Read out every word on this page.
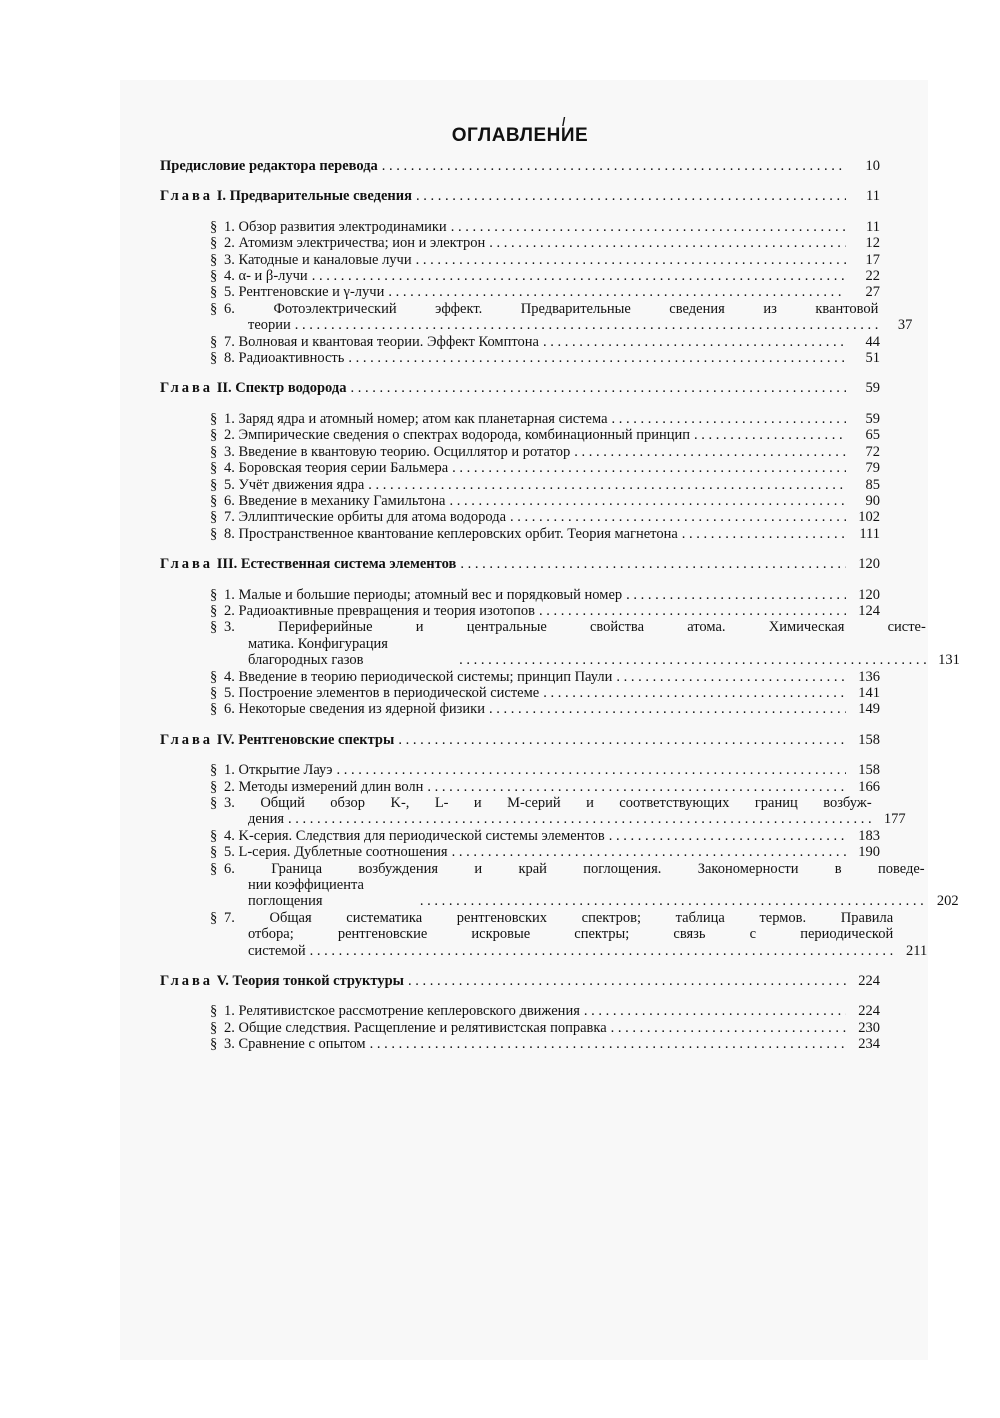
/
ОГЛАВЛЕНИЕ
Предисловие редактора перевода . . .	10
Глава I. Предварительные сведения . . .	11
§ 1. Обзор развития электродинамики . . .	11
§ 2. Атомизм электричества; ион и электрон . . .	12
§ 3. Катодные и каналовые лучи . . .	17
§ 4. α- и β-лучи . . .	22
§ 5. Рентгеновские и γ-лучи . . .	27
§ 6.	Фотоэлектрический эффект. Предварительные сведения из квантовой
теории . . .	37
§ 7. Волновая и квантовая теории. Эффект Комптона . . .	44
§ 8. Радиоактивность . . .	51
Глава II. Спектр водорода . . .	59
§ 1. Заряд ядра и атомный номер; атом как планетарная система . . .	59
§ 2. Эмпирические сведения о спектрах водорода, комбинационный принцип . . .	65
§ 3. Введение в квантовую теорию. Осциллятор и ротатор . . .	72
§ 4. Боровская теория серии Бальмера . . .	79
§ 5. Учёт движения ядра . . .	85
§ 6. Введение в механику Гамильтона . . .	90
§ 7. Эллиптические орбиты для атома водорода . . .	102
§ 8. Пространственное квантование кеплеровских орбит. Теория магнетона . . .	111
Глава III. Естественная система элементов . . .	120
§ 1. Малые и большие периоды; атомный вес и порядковый номер . . .	120
§ 2. Радиоактивные превращения и теория изотопов . . .	124
§ 3.	Периферийные и центральные свойства атома. Химическая систе-
матика. Конфигурация благородных газов . . .	131
§ 4. Введение в теорию периодической системы; принцип Паули . . .	136
§ 5. Построение элементов в периодической системе . . .	141
§ 6. Некоторые сведения из ядерной физики . . .	149
Глава IV. Рентгеновские спектры . . .	158
§ 1. Открытие Лауэ . . .	158
§ 2. Методы измерений длин волн . . .	166
§ 3. Общий обзор K-, L- и M-серий и соответствующих границ возбуж-
дения . . .	177
§ 4. K-серия. Следствия для периодической системы элементов . . .	183
§ 5. L-серия. Дублетные соотношения . . .	190
§ 6.	Граница возбуждения и край поглощения. Закономерности в поведе-
нии коэффициента поглощения . . .	202
§ 7. Общая систематика рентгеновских спектров; таблица термов. Правила
отбора; рентгеновские искровые спектры; связь с периодической
системой . . .	211
Глава V. Теория тонкой структуры . . .	224
§ 1. Релятивистское рассмотрение кеплеровского движения . . .	224
§ 2. Общие следствия. Расщепление и релятивистская поправка . . .	230
§ 3. Сравнение с опытом . . .	234
